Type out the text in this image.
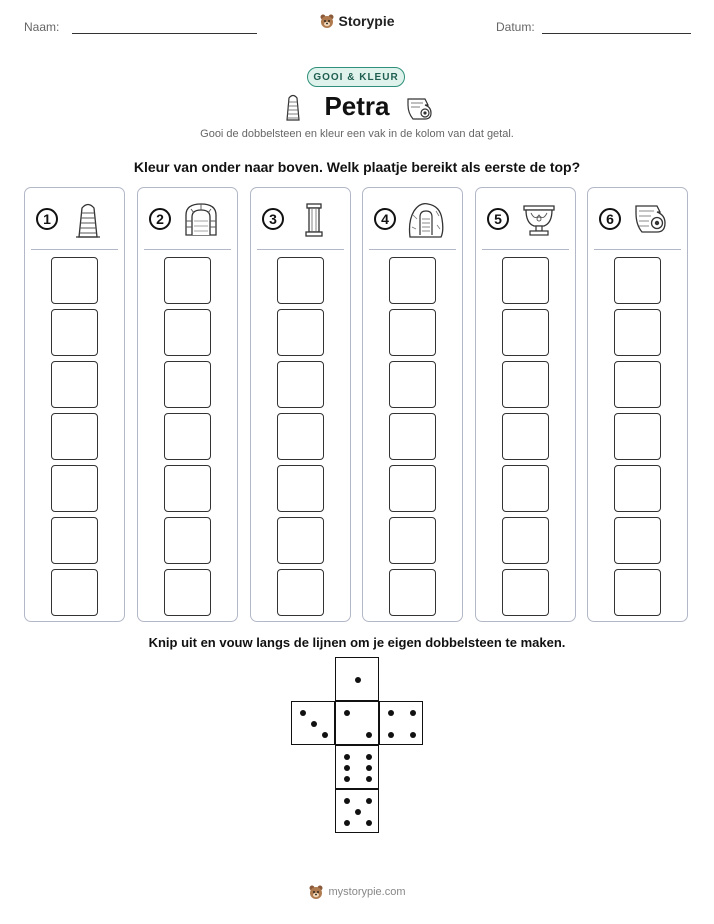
Naam:	Storypie	Datum:
GOOI & KLEUR
Petra
Gooi de dobbelsteen en kleur een vak in de kolom van dat getal.
Kleur van onder naar boven. Welk plaatje bereikt als eerste de top?
1	2	3	4	5	6
Knip uit en vouw langs de lijnen om je eigen dobbelsteen te maken.
mystorypie.com
